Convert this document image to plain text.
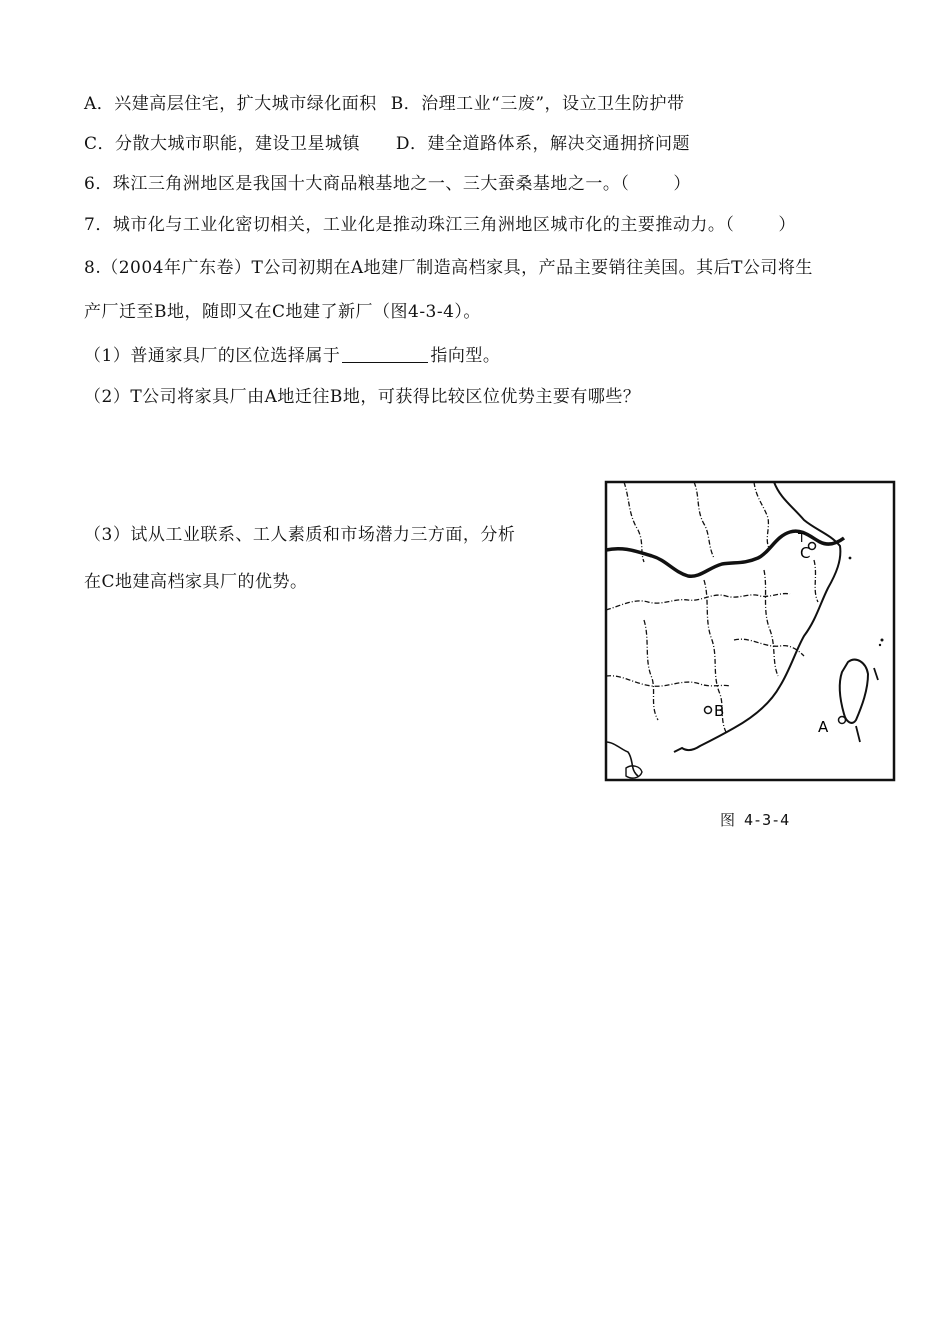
A．兴建高层住宅，扩大城市绿化面积 B．治理工业“三废”，设立卫生防护带
C．分散大城市职能，建设卫星城镇 D．建全道路体系，解决交通拥挤问题
6．珠江三角洲地区是我国十大商品粮基地之一、三大蚕桑基地之一。（	）
7．城市化与工业化密切相关，工业化是推动珠江三角洲地区城市化的主要推动力。（	）
8.（2004年广东卷）T公司初期在A地建厂制造高档家具，产品主要销往美国。其后T公司将生
产厂迁至B地，随即又在C地建了新厂（图4-3-4）。
（1）普通家具厂的区位选择属于	指向型。
（2）T公司将家具厂由A地迁往B地，可获得比较区位优势主要有哪些？
（3）试从工业联系、工人素质和市场潜力三方面，分析
在C地建高档家具厂的优势。
C
T
B
A
图 4-3-4
